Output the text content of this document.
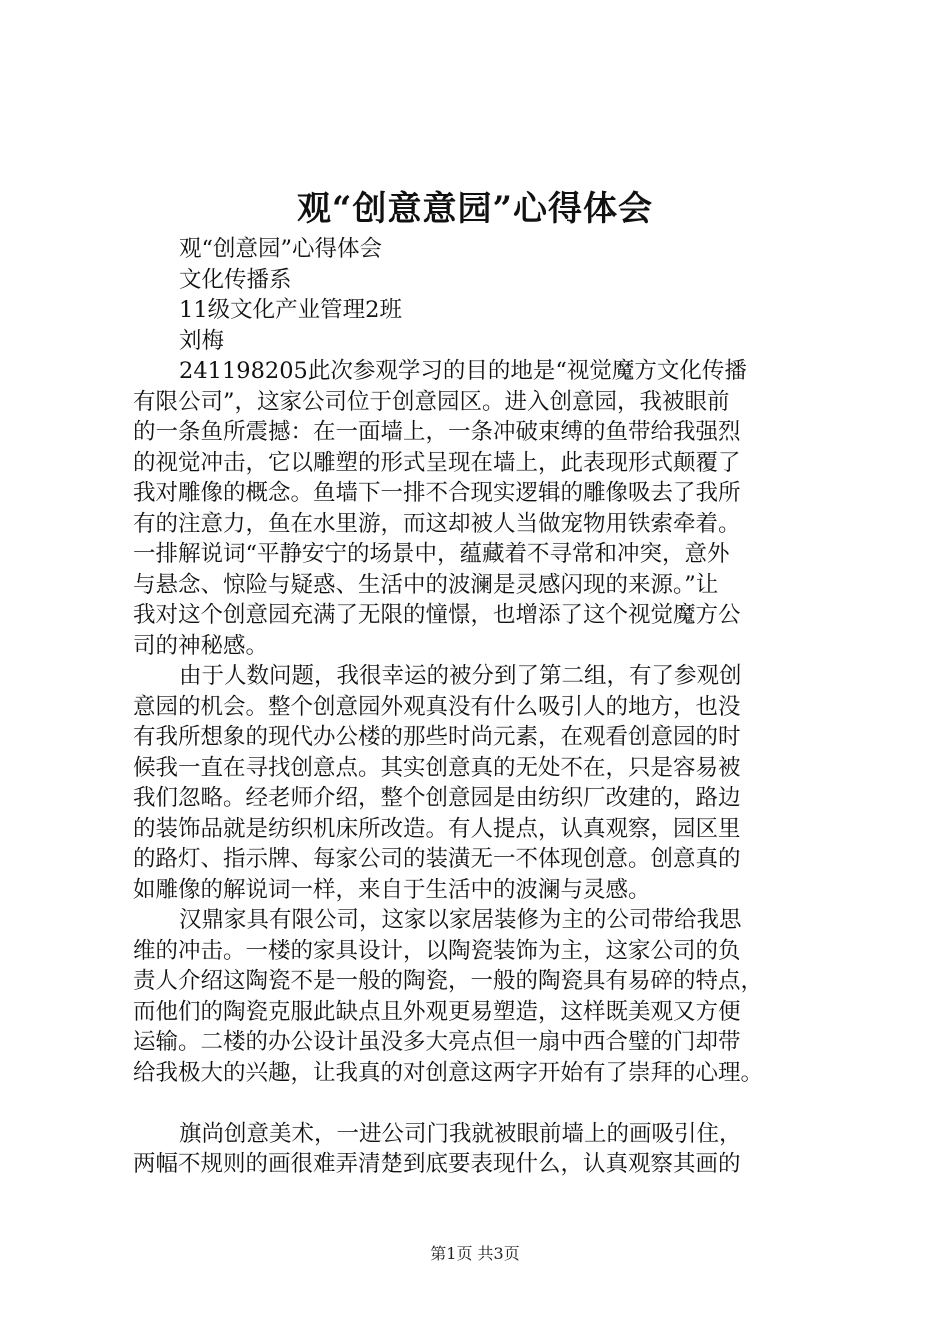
观“创意意园”心得体会
观“创意园”心得体会
文化传播系
11级文化产业管理2班
刘梅
241198205此次参观学习的目的地是“视觉魔方文化传播
有限公司”，这家公司位于创意园区。进入创意园，我被眼前
的一条鱼所震撼：在一面墙上，一条冲破束缚的鱼带给我强烈
的视觉冲击，它以雕塑的形式呈现在墙上，此表现形式颠覆了
我对雕像的概念。鱼墙下一排不合现实逻辑的雕像吸去了我所
有的注意力，鱼在水里游，而这却被人当做宠物用铁索牵着。
一排解说词“平静安宁的场景中，蕴藏着不寻常和冲突，意外
与悬念、惊险与疑惑、生活中的波澜是灵感闪现的来源。”让
我对这个创意园充满了无限的憧憬，也增添了这个视觉魔方公
司的神秘感。
由于人数问题，我很幸运的被分到了第二组，有了参观创
意园的机会。整个创意园外观真没有什么吸引人的地方，也没
有我所想象的现代办公楼的那些时尚元素，在观看创意园的时
候我一直在寻找创意点。其实创意真的无处不在，只是容易被
我们忽略。经老师介绍，整个创意园是由纺织厂改建的，路边
的装饰品就是纺织机床所改造。有人提点，认真观察，园区里
的路灯、指示牌、每家公司的装潢无一不体现创意。创意真的
如雕像的解说词一样，来自于生活中的波澜与灵感。
汉鼎家具有限公司，这家以家居装修为主的公司带给我思
维的冲击。一楼的家具设计，以陶瓷装饰为主，这家公司的负
责人介绍这陶瓷不是一般的陶瓷，一般的陶瓷具有易碎的特点，
而他们的陶瓷克服此缺点且外观更易塑造，这样既美观又方便
运输。二楼的办公设计虽没多大亮点但一扇中西合璧的门却带
给我极大的兴趣，让我真的对创意这两字开始有了崇拜的心理。
旗尚创意美术，一进公司门我就被眼前墙上的画吸引住，
两幅不规则的画很难弄清楚到底要表现什么，认真观察其画的
第1页 共3页
